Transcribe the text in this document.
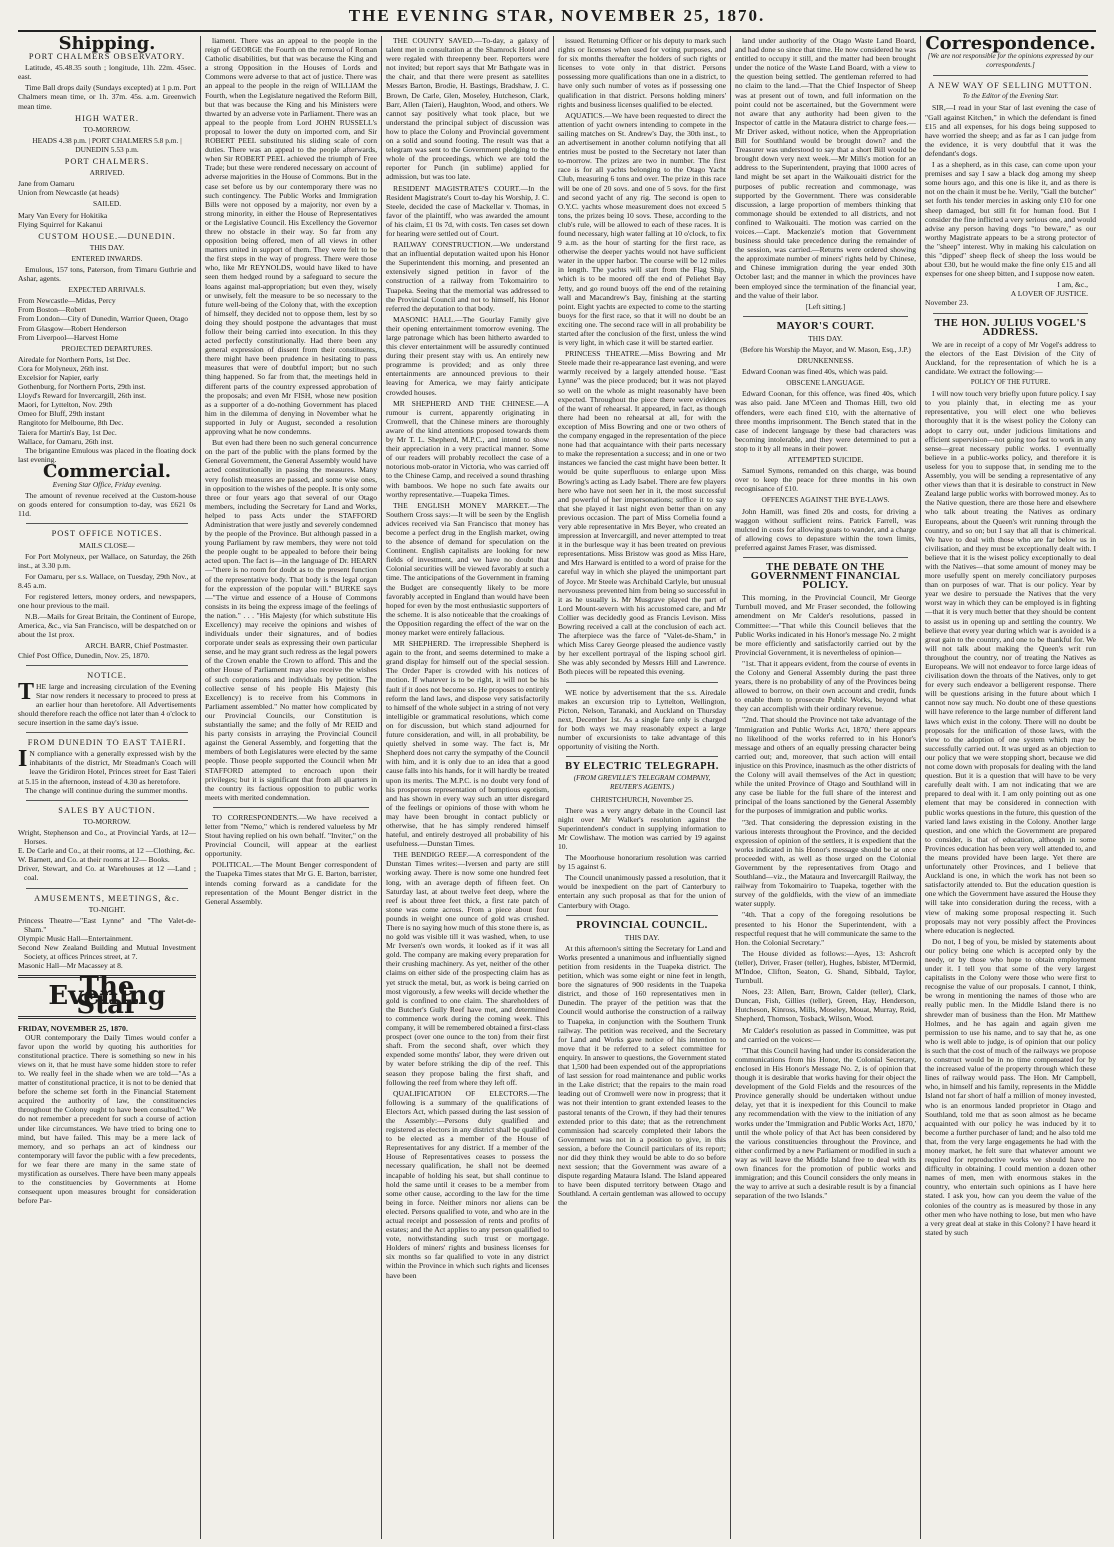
THE EVENING STAR, NOVEMBER 25, 1870.
Shipping.
PORT CHALMERS OBSERVATORY.

Latitude, 45.48.35 south ; longitude, 11h. 22m. 45sec. east.

Time Ball drops daily (Sundays excepted) at 1 p.m. Port Chalmers mean time, or 1h. 37m. 45s. a.m. Greenwich mean time.

HIGH WATER.
TO-MORROW.
HEADS 4.38 p.m. | PORT CHALMERS 5.8 p.m. | DUNEDIN 5.53 p.m.
PORT CHALMERS.
ARRIVED.
Jane from Oamaru
Union from Newcastle (at heads)
SAILED.
Mary Van Every for Hokitika
Flying Squirrel for Kakanui
CUSTOM HOUSE.—DUNEDIN.
THIS DAY.
ENTERED INWARDS.

Emulous, 157 tons, Paterson, from Timaru Guthrie and Ashar, agents.

EXPECTED ARRIVALS.
From Newcastle—Midas, Percy
From Boston—Robert
From London—City of Dunedin, Warrior Queen, Otago
From Glasgow—Robert Henderson
From Liverpool—Harvest Home
PROJECTED DEPARTURES.
Airedale for Northern Ports, 1st Dec.
Cora for Molyneux, 26th inst.
Excelsior for Napier, early
Gothenburg, for Northern Ports, 29th inst.
Lloyd's Reward for Invercargill, 26th inst.
Maori, for Lyttelton, Nov. 29th
Omeo for Bluff, 29th instant
Rangitoto for Melbourne, 8th Dec.
Taiera for Martin's Bay, 1st Dec.
Wallace, for Oamaru, 26th inst.

The brigantine Emulous was placed in the floating dock last evening.

Commercial.
Evening Star Office, Friday evening.

The amount of revenue received at the Custom-house on goods entered for consumption to-day, was £621 0s 11d.

POST OFFICE NOTICES.
MAILS CLOSE—

For Port Molyneux, per Wallace, on Saturday, the 26th inst., at 3.30 p.m.

For Oamaru, per s.s. Wallace, on Tuesday, 29th Nov., at 8.45 a.m.

For registered letters, money orders, and newspapers, one hour previous to the mail.

N.B.—Mails for Great Britain, the Continent of Europe, America, &c., via San Francisco, will be despatched on or about the 1st prox.

ARCH. BARR, Chief Postmaster.
Chief Post Office, Dunedin, Nov. 25, 1870.
NOTICE.
THE large and increasing circulation of the Evening Star now renders it necessary to proceed to press at an earlier hour than heretofore. All Advertisements should therefore reach the office not later than 4 o'clock to secure insertion in the same day's issue.
FROM DUNEDIN TO EAST TAIERI.
I N compliance with a generally expressed wish by the inhabitants of the district, Mr Steadman's Coach will leave the Gridiron Hotel, Princes street for East Taieri at 5.15 in the afternoon, instead of 4.30 as heretofore.

The change will continue during the summer months.

SALES BY AUCTION.
TO-MORROW.
Wright, Stephenson and Co., at Provincial Yards, at 12—Horses.
E. De Carle and Co., at their rooms, at 12 —Clothing, &c.
W. Barnett, and Co. at their rooms at 12— Books.
Driver, Stewart, and Co. at Warehouses at 12 —Land ; coal.
AMUSEMENTS, MEETINGS, &c.
TO-NIGHT.
Princess Theatre—"East Lynne" and "The Valet-de-Sham."
Olympic Music Hall—Entertainment.
Second New Zealand Building and Mutual Investment Society, at offices Princes street, at 7.
Masonic Hall—Mr Macassey at 8.
The Evening Star
FRIDAY, NOVEMBER 25, 1870.

OUR contemporary the Daily Times would confer a favor upon the world by quoting his authorities for constitutional practice. There is something so new in his views on it, that he must have some hidden store to refer to. We really feel in the shade when we are told—"As a matter of constitutional practice, it is not to be denied that before the scheme set forth in the Financial Statement acquired the authority of law, the constituencies throughout the Colony ought to have been consulted." We do not remember a precedent for such a course of action under like circumstances. We have tried to bring one to mind, but have failed. This may be a mere lack of memory, and so perhaps an act of kindness our contemporary will favor the public with a few precedents, for we fear there are many in the same state of mystification as ourselves. There have been many appeals to the constituencies by Governments at Home consequent upon measures brought for consideration before Par-

liament. There was an appeal to the people in the reign of GEORGE the Fourth on the removal of Roman Catholic disabilities, but that was because the King and a strong Opposition in the Houses of Lords and Commons were adverse to that act of justice. There was an appeal to the people in the reign of WILLIAM the Fourth, when the Legislature negatived the Reform Bill, but that was because the King and his Ministers were thwarted by an adverse vote in Parliament. There was an appeal to the people from Lord JOHN RUSSELL's proposal to lower the duty on imported corn, and Sir ROBERT PEEL substituted his sliding scale of corn duties. There was an appeal to the people afterwards, when Sir ROBERT PEEL achieved the triumph of Free Trade; but these were rendered necessary on account of adverse majorities in the House of Commons. But in the case set before us by our contemporary there was no such contingency. The Public Works and Immigration Bills were not opposed by a majority, nor even by a strong minority, in either the House of Representatives or the Legislative Council. His Excellency the Governor threw no obstacle in their way. So far from any opposition being offered, men of all views in other matters united in support of them. They were felt to be the first steps in the way of progress. There were those who, like Mr REYNOLDS, would have liked to have seen them hedged round by a safeguard to secure the loans against mal-appropriation; but even they, wisely or unwisely, felt the measure to be so necessary to the future well-being of the Colony that, with the exception of himself, they decided not to oppose them, lest by so doing they should postpone the advantages that must follow their being carried into execution. In this they acted perfectly constitutionally. Had there been any general expression of dissent from their constituents, there might have been prudence in hesitating to pass measures that were of doubtful import; but no such thing happened. So far from that, the meetings held in different parts of the country expressed approbation of the proposals; and even Mr FISH, whose new position as a supporter of a do-nothing Government has placed him in the dilemma of denying in November what he supported in July or August, seconded a resolution approving what he now condemns.

But even had there been no such general concurrence on the part of the public with the plans formed by the General Government, the General Assembly would have acted constitutionally in passing the measures. Many very foolish measures are passed, and some wise ones, in opposition to the wishes of the people. It is only some three or four years ago that several of our Otago members, including the Secretary for Land and Works, helped to pass Acts under the STAFFORD Administration that were justly and severely condemned by the people of the Province. But although passed in a young Parliament by raw members, they were not told the people ought to be appealed to before their being acted upon. The fact is—in the language of Dr. HEARN—"there is no room for doubt as to the present function of the representative body. That body is the legal organ for the expression of the popular will." BURKE says—"The virtue and essence of a House of Commons consists in its being the express image of the feelings of the nation." . . . "His Majesty (for which substitute His Excellency) may receive the opinions and wishes of individuals under their signatures, and of bodies corporate under seals as expressing their own particular sense, and he may grant such redress as the legal powers of the Crown enable the Crown to afford. This and the other House of Parliament may also receive the wishes of such corporations and individuals by petition. The collective sense of his people His Majesty (his Excellency) is to receive from his Commons in Parliament assembled." No matter how complicated by our Provincial Councils, our Constitution is substantially the same; and the folly of Mr REID and his party consists in arraying the Provincial Council against the General Assembly, and forgetting that the members of both Legislatures were elected by the same people. Those people supported the Council when Mr STAFFORD attempted to encroach upon their privileges; but it is significant that from all quarters in the country its factious opposition to public works meets with merited condemnation.

TO CORRESPONDENTS.—We have received a letter from "Nemo," which is rendered valueless by Mr Stout having replied on his own behalf. "Inviter," on the Provincial Council, will appear at the earliest opportunity.

POLITICAL.—The Mount Benger correspondent of the Tuapeka Times states that Mr G. E. Barton, barrister, intends coming forward as a candidate for the representation of the Mount Benger district in the General Assembly.

THE COUNTY SAVED.—To-day, a galaxy of talent met in consultation at the Shamrock Hotel and were regaled with threepenny beer. Reporters were not invited; but report says that Mr Bathgate was in the chair, and that there were present as satellites Messrs Barton, Brodie, H. Bastings, Bradshaw, J. C. Brown, De Carle, Glen, Moseley, Hutcheson, Clark, Barr, Allen (Taieri), Haughton, Wood, and others. We cannot say positively what took place, but we understand the principal subject of discussion was how to place the Colony and Provincial government on a solid and sound footing. The result was that a telegram was sent to the Government pledging to the whole of the proceedings, which we are told the reporter for Punch (in sublime) applied for admission, but was too late.

RESIDENT MAGISTRATE'S COURT.—In the Resident Magistrate's Court to-day his Worship, J. C. Steele, decided the case of Mackellar v. Thomas, in favor of the plaintiff, who was awarded the amount of his claim, £1 0s 7d, with costs. Ten cases set down for hearing were settled out of Court.

RAILWAY CONSTRUCTION.—We understand that an influential deputation waited upon his Honor the Superintendent this morning, and presented an extensively signed petition in favor of the construction of a railway from Tokomairiro to Tuapeka. Seeing that the memorial was addressed to the Provincial Council and not to himself, his Honor referred the deputation to that body.

MASONIC HALL.—The Gourlay Family give their opening entertainment tomorrow evening. The large patronage which has been hitherto awarded to this clever entertainment will be assuredly continued during their present stay with us. An entirely new programme is provided; and as only three entertainments are announced previous to their leaving for America, we may fairly anticipate crowded houses.

MR SHEPHERD AND THE CHINESE.—A rumour is current, apparently originating in Cromwell, that the Chinese miners are thoroughly aware of the kind attentions proposed towards them by Mr T. L. Shepherd, M.P.C., and intend to show their appreciation in a very practical manner. Some of our readers will probably recollect the case of a notorious mob-orator in Victoria, who was carried off to the Chinese Camp, and received a sound thrashing with bamboos. We hope no such fate awaits our worthy representative.—Tuapeka Times.

THE ENGLISH MONEY MARKET.—The Southern Cross says:—It will be seen by the English advices received via San Francisco that money has become a perfect drug in the English market, owing to the absence of demand for speculation on the Continent. English capitalists are looking for new fields of investment, and we have no doubt that Colonial securities will be viewed favorably at such a time. The anticipations of the Government in framing the Budget are consequently likely to be more favorably accepted in England than would have been hoped for even by the most enthusiastic supporters of the scheme. It is also noticeable that the croakings of the Opposition regarding the effect of the war on the money market were entirely fallacious.

MR SHEPHERD. The irrepressible Shepherd is again to the front, and seems determined to make a grand display for himself out of the special session. The Order Paper is crowded with his notices of motion. If whatever is to be right, it will not be his fault if it does not become so. He proposes to entirely reform the land laws, and dispose very satisfactorily to himself of the whole subject in a string of not very intelligible or grammatical resolutions, which come on for discussion, but which stand adjourned for future consideration, and will, in all probability, be quietly shelved in some way. The fact is, Mr Shepherd does not carry the sympathy of the Council with him, and it is only due to an idea that a good cause falls into his hands, for it will hardly be treated upon its merits. The M.P.C. is no doubt very fond of his prosperous representation of bumptious egotism, and has shown in every way such an utter disregard of the feelings or opinions of those with whom he may have been brought in contact publicly or otherwise, that he has simply rendered himself hateful, and entirely destroyed all probability of his usefulness.—Dunstan Times.

THE BENDIGO REEF.—A correspondent of the Dunstan Times writes:—Iversen and party are still working away. There is now some one hundred feet long, with an average depth of fifteen feet. On Saturday last, at about twelve feet deep, where the reef is about three feet thick, a first rate patch of stone was come across. From a piece about four pounds in weight one ounce of gold was crushed. There is no saying how much of this stone there is, as no gold was visible till it was washed, when, to use Mr Iversen's own words, it looked as if it was all gold. The company are making every preparation for their crushing machinery. As yet, neither of the other claims on either side of the prospecting claim has as yet struck the metal, but, as work is being carried on most vigorously, a few weeks will decide whether the gold is confined to one claim. The shareholders of the Butcher's Gully Reef have met, and determined to commence work during the coming week. This company, it will be remembered obtained a first-class prospect (over one ounce to the ton) from their first shaft. From the second shaft, over which they expended some months' labor, they were driven out by water before striking the dip of the reef. This season they propose baling the first shaft, and following the reef from where they left off.

QUALIFICATION OF ELECTORS.—The following is a summary of the qualifications of Electors Act, which passed during the last session of the Assembly:—Persons duly qualified and registered as electors in any district shall be qualified to be elected as a member of the House of Representatives for any district. If a member of the House of Representatives ceases to possess the necessary qualification, he shall not be deemed incapable of holding his seat, but shall continue to hold the same until it ceases to be a member from some other cause, according to the law for the time being in force. Neither minors nor aliens can be elected. Persons qualified to vote, and who are in the actual receipt and possession of rents and profits of estates; and the Act applies to any person qualified to vote, notwithstanding such trust or mortgage. Holders of miners' rights and business licenses for six months so far qualified to vote in any district within the Province in which such rights and licenses have been

issued. Returning Officer or his deputy to mark such rights or licenses when used for voting purposes, and for six months thereafter the holders of such rights or licenses to vote only in that district. Persons possessing more qualifications than one in a district, to have only such number of votes as if possessing one qualification in that district. Persons holding miners' rights and business licenses qualified to be elected.

AQUATICS.—We have been requested to direct the attention of yacht owners intending to compete in the sailing matches on St. Andrew's Day, the 30th inst., to an advertisement in another column notifying that all entries must be posted to the Secretary not later than to-morrow. The prizes are two in number. The first race is for all yachts belonging to the Otago Yacht Club, measuring 6 tons and over. The prize in this race will be one of 20 sovs. and one of 5 sovs. for the first and second yacht of any rig. The second is open to O.Y.C. yachts whose measurement does not exceed 5 tons, the prizes being 10 sovs. These, according to the club's rule, will be allowed to each of these races. It is found necessary, high water falling at 10 o'clock, to fix 9 a.m. as the hour of starting for the first race, as otherwise the deeper yachts would not have sufficient water in the upper harbor. The course will be 12 miles in length. The yachts will start from the Flag Ship, which is to be moored off the end of Peliehet Bay Jetty, and go round buoys off the end of the retaining wall and Macandrew's Bay, finishing at the starting point. Eight yachts are expected to come to the starting buoys for the first race, so that it will no doubt be an exciting one. The second race will in all probability be started after the conclusion of the first, unless the wind is very light, in which case it will be started earlier.

PRINCESS THEATRE.—Miss Bowring and Mr Steele made their re-appearance last evening, and were warmly received by a largely attended house. "East Lynne" was the piece produced; but it was not played so well on the whole as might reasonably have been expected. Throughout the piece there were evidences of the want of rehearsal. It appeared, in fact, as though there had been no rehearsal at all, for with the exception of Miss Bowring and one or two others of the company engaged in the representation of the piece none had that acquaintance with their parts necessary to make the representation a success; and in one or two instances we fancied the cast might have been better. It would be quite superfluous to enlarge upon Miss Bowring's acting as Lady Isabel. There are few players here who have not seen her in it, the most successful and powerful of her impersonations; suffice it to say that she played it last night even better than on any previous occasion. The part of Miss Cornelia found a very able representative in Mrs Beyer, who created an impression at Invercargill, and never attempted to treat it in the burlesque way it has been treated on previous representations. Miss Bristow was good as Miss Hare, and Mrs Harward is entitled to a word of praise for the careful way in which she played the unimportant part of Joyce. Mr Steele was Archibald Carlyle, but unusual nervousness prevented him from being so successful in it as he usually is. Mr Musgrave played the part of Lord Mount-severn with his accustomed care, and Mr Collier was decidedly good as Francis Levison. Miss Bowring received a call at the conclusion of each act. The afterpiece was the farce of "Valet-de-Sham," in which Miss Carey George pleased the audience vastly by her excellent portrayal of the lisping school girl. She was ably seconded by Messrs Hill and Lawrence. Both pieces will be repeated this evening.

WE notice by advertisement that the s.s. Airedale makes an excursion trip to Lyttelton, Wellington, Picton, Nelson, Taranaki, and Auckland on Thursday next, December 1st. As a single fare only is charged for both ways we may reasonably expect a large number of excursionists to take advantage of this opportunity of visiting the North.

BY ELECTRIC TELEGRAPH.
(FROM GREVILLE'S TELEGRAM COMPANY, REUTER'S AGENTS.)
CHRISTCHURCH, November 25.

There was a very angry debate in the Council last night over Mr Walker's resolution against the Superintendent's conduct in supplying information to Mr Cowlishaw. The motion was carried by 19 against 10.

The Moorhouse honorarium resolution was carried by 15 against 6.

The Council unanimously passed a resolution, that it would be inexpedient on the part of Canterbury to entertain any such proposal as that for the union of Canterbury with Otago.

PROVINCIAL COUNCIL.
THIS DAY.

At this afternoon's sitting the Secretary for Land and Works presented a unanimous and influentially signed petition from residents in the Tuapeka district. The petition, which was some eight or nine feet in length, bore the signatures of 900 residents in the Tuapeka district, and those of 160 representatives men in Dunedin. The prayer of the petition was that the Council would authorise the construction of a railway to Tuapeka, in conjunction with the Southern Trunk railway. The petition was received, and the Secretary for Land and Works gave notice of his intention to move that it be referred to a select committee for enquiry. In answer to questions, the Government stated that 1,500 had been expended out of the appropriations of last session for road maintenance and public works in the Lake district; that the repairs to the main road leading out of Cromwell were now in progress; that it was not their intention to grant extended leases to the pastoral tenants of the Crown, if they had their tenures extended prior to this date; that as the retrenchment commission had scarcely completed their labors the Government was not in a position to give, in this session, a before the Council particulars of its report; nor did they think they would be able to do so before next session; that the Government was aware of a dispute regarding Mataura Island. The Island appeared to have been disputed territory between Otago and Southland. A certain gentleman was allowed to occupy the

land under authority of the Otago Waste Land Board, and had done so since that time. He now considered he was entitled to occupy it still, and the matter had been brought under the notice of the Waste Land Board, with a view to the question being settled. The gentleman referred to had no claim to the land.—That the Chief Inspector of Sheep was at present out of town, and full information on the point could not be ascertained, but the Government were not aware that any authority had been given to the Inspector of cattle in the Mataura district to charge fees.—Mr Driver asked, without notice, when the Appropriation Bill for Southland would be brought down? and the Treasurer was understood to say that a short Bill would be brought down very next week.—Mr Mills's motion for an address to the Superintendent, praying that 1000 acres of land might be set apart in the Waikouaiti district for the purposes of public recreation and commonage, was supported by the Government. There was considerable discussion, a large proportion of members thinking that commonage should be extended to all districts, and not confined to Waikouaiti. The motion was carried on the voices.—Capt. Mackenzie's motion that Government business should take precedence during the remainder of the session, was carried.—Returns were ordered showing the approximate number of miners' rights held by Chinese, and Chinese immigration during the year ended 30th October last; and the manner in which the provinces have been employed since the termination of the financial year, and the value of their labor.

[Left sitting.]
MAYOR'S COURT.
THIS DAY.
(Before his Worship the Mayor, and W. Mason, Esq., J.P.)
DRUNKENNESS.

Edward Coonan was fined 40s, which was paid.

OBSCENE LANGUAGE.

Edward Coonan, for this offence, was fined 40s, which was also paid. Jane M'Ceen and Thomas Hill, two old offenders, were each fined £10, with the alternative of three months imprisonment. The Bench stated that in the case of indecent language by these bad characters was becoming intolerable, and they were determined to put a stop to it by all means in their power.

ATTEMPTED SUICIDE.

Samuel Symons, remanded on this charge, was bound over to keep the peace for three months in his own recognisance of £10.

OFFENCES AGAINST THE BYE-LAWS.

John Hamill, was fined 20s and costs, for driving a waggon without sufficient reins. Patrick Farrell, was mulcted in costs for allowing goats to wander, and a charge of allowing cows to depasture within the town limits, preferred against James Fraser, was dismissed.

THE DEBATE ON THE GOVERNMENT FINANCIAL POLICY.

This morning, in the Provincial Council, Mr George Turnbull moved, and Mr Fraser seconded, the following amendment on Mr Calder's resolutions, passed in Committee:—"That while this Council believes that the Public Works indicated in his Honor's message No. 2 might be more efficiently and satisfactorily carried out by the Provincial Government, it is nevertheless of opinion—

"1st. That it appears evident, from the course of events in the Colony and General Assembly during the past three years, there is no probability of any of the Provinces being allowed to borrow, on their own account and credit, funds to enable them to prosecute Public Works, beyond what they can accomplish with their ordinary revenue.

"2nd. That should the Province not take advantage of the 'Immigration and Public Works Act, 1870,' there appears no likelihood of the works referred to in his Honor's message and others of an equally pressing character being carried out; and, moreover, that such action will entail injustice on this Province, inasmuch as the other districts of the Colony will avail themselves of the Act in question; while the united Province of Otago and Southland will in any case be liable for the full share of the interest and principal of the loans sanctioned by the General Assembly for the purposes of immigration and public works.

"3rd. That considering the depression existing in the various interests throughout the Province, and the decided expression of opinion of the settlers, it is expedient that the works indicated in his Honor's message should be at once proceeded with, as well as those urged on the Colonial Government by the representatives from Otago and Southland—viz., the Mataura and Invercargill Railway, the railway from Tokomairiro to Tuapeka, together with the survey of the goldfields, with the view of an immediate water supply.

"4th. That a copy of the foregoing resolutions be presented to his Honor the Superintendent, with a respectful request that he will communicate the same to the Hon. the Colonial Secretary."

The House divided as follows:—Ayes, 13: Ashcroft (teller), Driver, Fraser (teller), Hughes, Isbister, M'Dermid, M'Indoe, Clifton, Seaton, G. Shand, Sibbald, Taylor, Turnbull.

Noes, 23: Allen, Barr, Brown, Calder (teller), Clark, Duncan, Fish, Gillies (teller), Green, Hay, Henderson, Hutcheson, Kinross, Mills, Moseley, Mouat, Murray, Reid, Shepherd, Thomson, Tosback, Wilson, Wood.

Mr Calder's resolution as passed in Committee, was put and carried on the voices:—

"That this Council having had under its consideration the communications from his Honor, the Colonial Secretary, enclosed in His Honor's Message No. 2, is of opinion that though it is desirable that works having for their object the development of the Gold Fields and the resources of the Province generally should be undertaken without undue delay, yet that it is inexpedient for this Council to make any recommendation with the view to the initiation of any works under the 'Immigration and Public Works Act, 1870,' until the whole policy of that Act has been considered by the various constituencies throughout the Province, and either confirmed by a new Parliament or modified in such a way as will leave the Middle Island free to deal with its own finances for the promotion of public works and immigration; and this Council considers the only means in the way to arrive at such a desirable result is by a financial separation of the two Islands."

Correspondence.
[We are not responsible for the opinions expressed by our correspondents.]
A NEW WAY OF SELLING MUTTON.
To the Editor of the Evening Star.

SIR,—I read in your Star of last evening the case of "Gall against Kitchen," in which the defendant is fined £15 and all expenses, for his dogs being supposed to have worried the sheep; and as far as I can judge from the evidence, it is very doubtful that it was the defendant's dogs.

I as a shepherd, as in this case, can come upon your premises and say I saw a black dog among my sheep some hours ago, and this one is like it, and as there is not on the chain it must be he. Verily, "Gall the butcher" set forth his tender mercies in asking only £10 for one sheep damaged, but still fit for human food. But I consider the fine inflicted a very serious one, and would advise any person having dogs "to beware," as our worthy Magistrate appears to be a strong protector of the "sheep" interest. Why in making his calculation on this "dipped" sheep fleck of sheep the loss would be about £30, but he would make the fine only £15 and all expenses for one sheep bitten, and I suppose now eaten.

I am, &c.,
A LOVER OF JUSTICE.
November 23.
THE HON. JULIUS VOGEL'S ADDRESS.

We are in receipt of a copy of Mr Vogel's address to the electors of the East Division of the City of Auckland, for the representation of which he is a candidate. We extract the following:—

POLICY OF THE FUTURE.

I will now touch very briefly upon future policy. I say to you plainly that, in electing me as your representative, you will elect one who believes thoroughly that it is the wisest policy the Colony can adopt to carry out, under judicious limitations and efficient supervision—not going too fast to work in any sense—great necessary public works. I eventually believe in a public-works policy, and therefore it is useless for you to suppose that, in sending me to the Assembly, you will be sending a representative of any other views than that it is desirable to construct in New Zealand large public works with borrowed money. As to the Native question, there are those here and elsewhere who talk about treating the Natives as ordinary Europeans, about the Queen's writ running through the country, and so on; but I say that all that is chimerical. We have to deal with those who are far below us in civilisation, and they must be exceptionally dealt with. I believe that it is the wisest policy exceptionally to deal with the Natives—that some amount of money may be more usefully spent on merely conciliatory purposes than on purposes of war. That is our policy. Year by year we desire to persuade the Natives that the very worst way in which they can be employed is in fighting—that it is very much better that they should be content to assist us in opening up and settling the country. We believe that every year during which war is avoided is a great gain to the country, and one to be thankful for. We will not talk about making the Queen's writ run throughout the country, nor of treating the Natives as Europeans. We will not endeavor to force large ideas of civilisation down the throats of the Natives, only to get for every such endeavor a belligerent response. There will be questions arising in the future about which I cannot now say much. No doubt one of these questions will have reference to the large number of different land laws which exist in the colony. There will no doubt be proposals for the unification of those laws, with the view to the adoption of one system which may be successfully carried out. It was urged as an objection to our policy that we were stopping short, because we did not come down with proposals for dealing with the land question. But it is a question that will have to be very carefully dealt with. I am not indicating that we are prepared to deal with it. I am only pointing out as one element that may be considered in connection with public works questions in the future, this question of the varied land laws existing in the Colony. Another large question, and one which the Government are prepared to consider, is that of education, although in some Provinces education has been very well attended to, and the means provided have been large. Yet there are unfortunately other Provinces, and I believe that Auckland is one, in which the work has not been so satisfactorily attended to. But the education question is one which the Government have assured the House they will take into consideration during the recess, with a view of making some proposal respecting it. Such proposals may not very possibly affect the Provinces where education is neglected.

Do not, I beg of you, be misled by statements about our policy being one which is accepted only by the needy, or by those who hope to obtain employment under it. I tell you that some of the very largest capitalists in the Colony were those who were first to recognise the value of our proposals. I cannot, I think, be wrong in mentioning the names of those who are really public men. In the Middle Island there is no shrewder man of business than the Hon. Mr Matthew Holmes, and he has again and again given me permission to use his name, and to say that he, as one who is well able to judge, is of opinion that our policy is such that the cost of much of the railways we propose to construct would be in no time compensated for by the increased value of the property through which these lines of railway would pass. The Hon. Mr Campbell, who, in himself and his family, represents in the Middle Island not far short of half a million of money invested, who is an enormous landed proprietor in Otago and Southland, told me that as soon almost as he became acquainted with our policy he was induced by it to become a further purchaser of land; and he also told me that, from the very large engagements he had with the money market, he felt sure that whatever amount we required for reproductive works we should have no difficulty in obtaining. I could mention a dozen other names of men, men with enormous stakes in the country, who entertain such opinions as I have here stated. I ask you, how can you deem the value of the colonies of the country as is measured by those in any other men who have nothing to lose, but men who have a very great deal at stake in this Colony? I have heard it stated by such
